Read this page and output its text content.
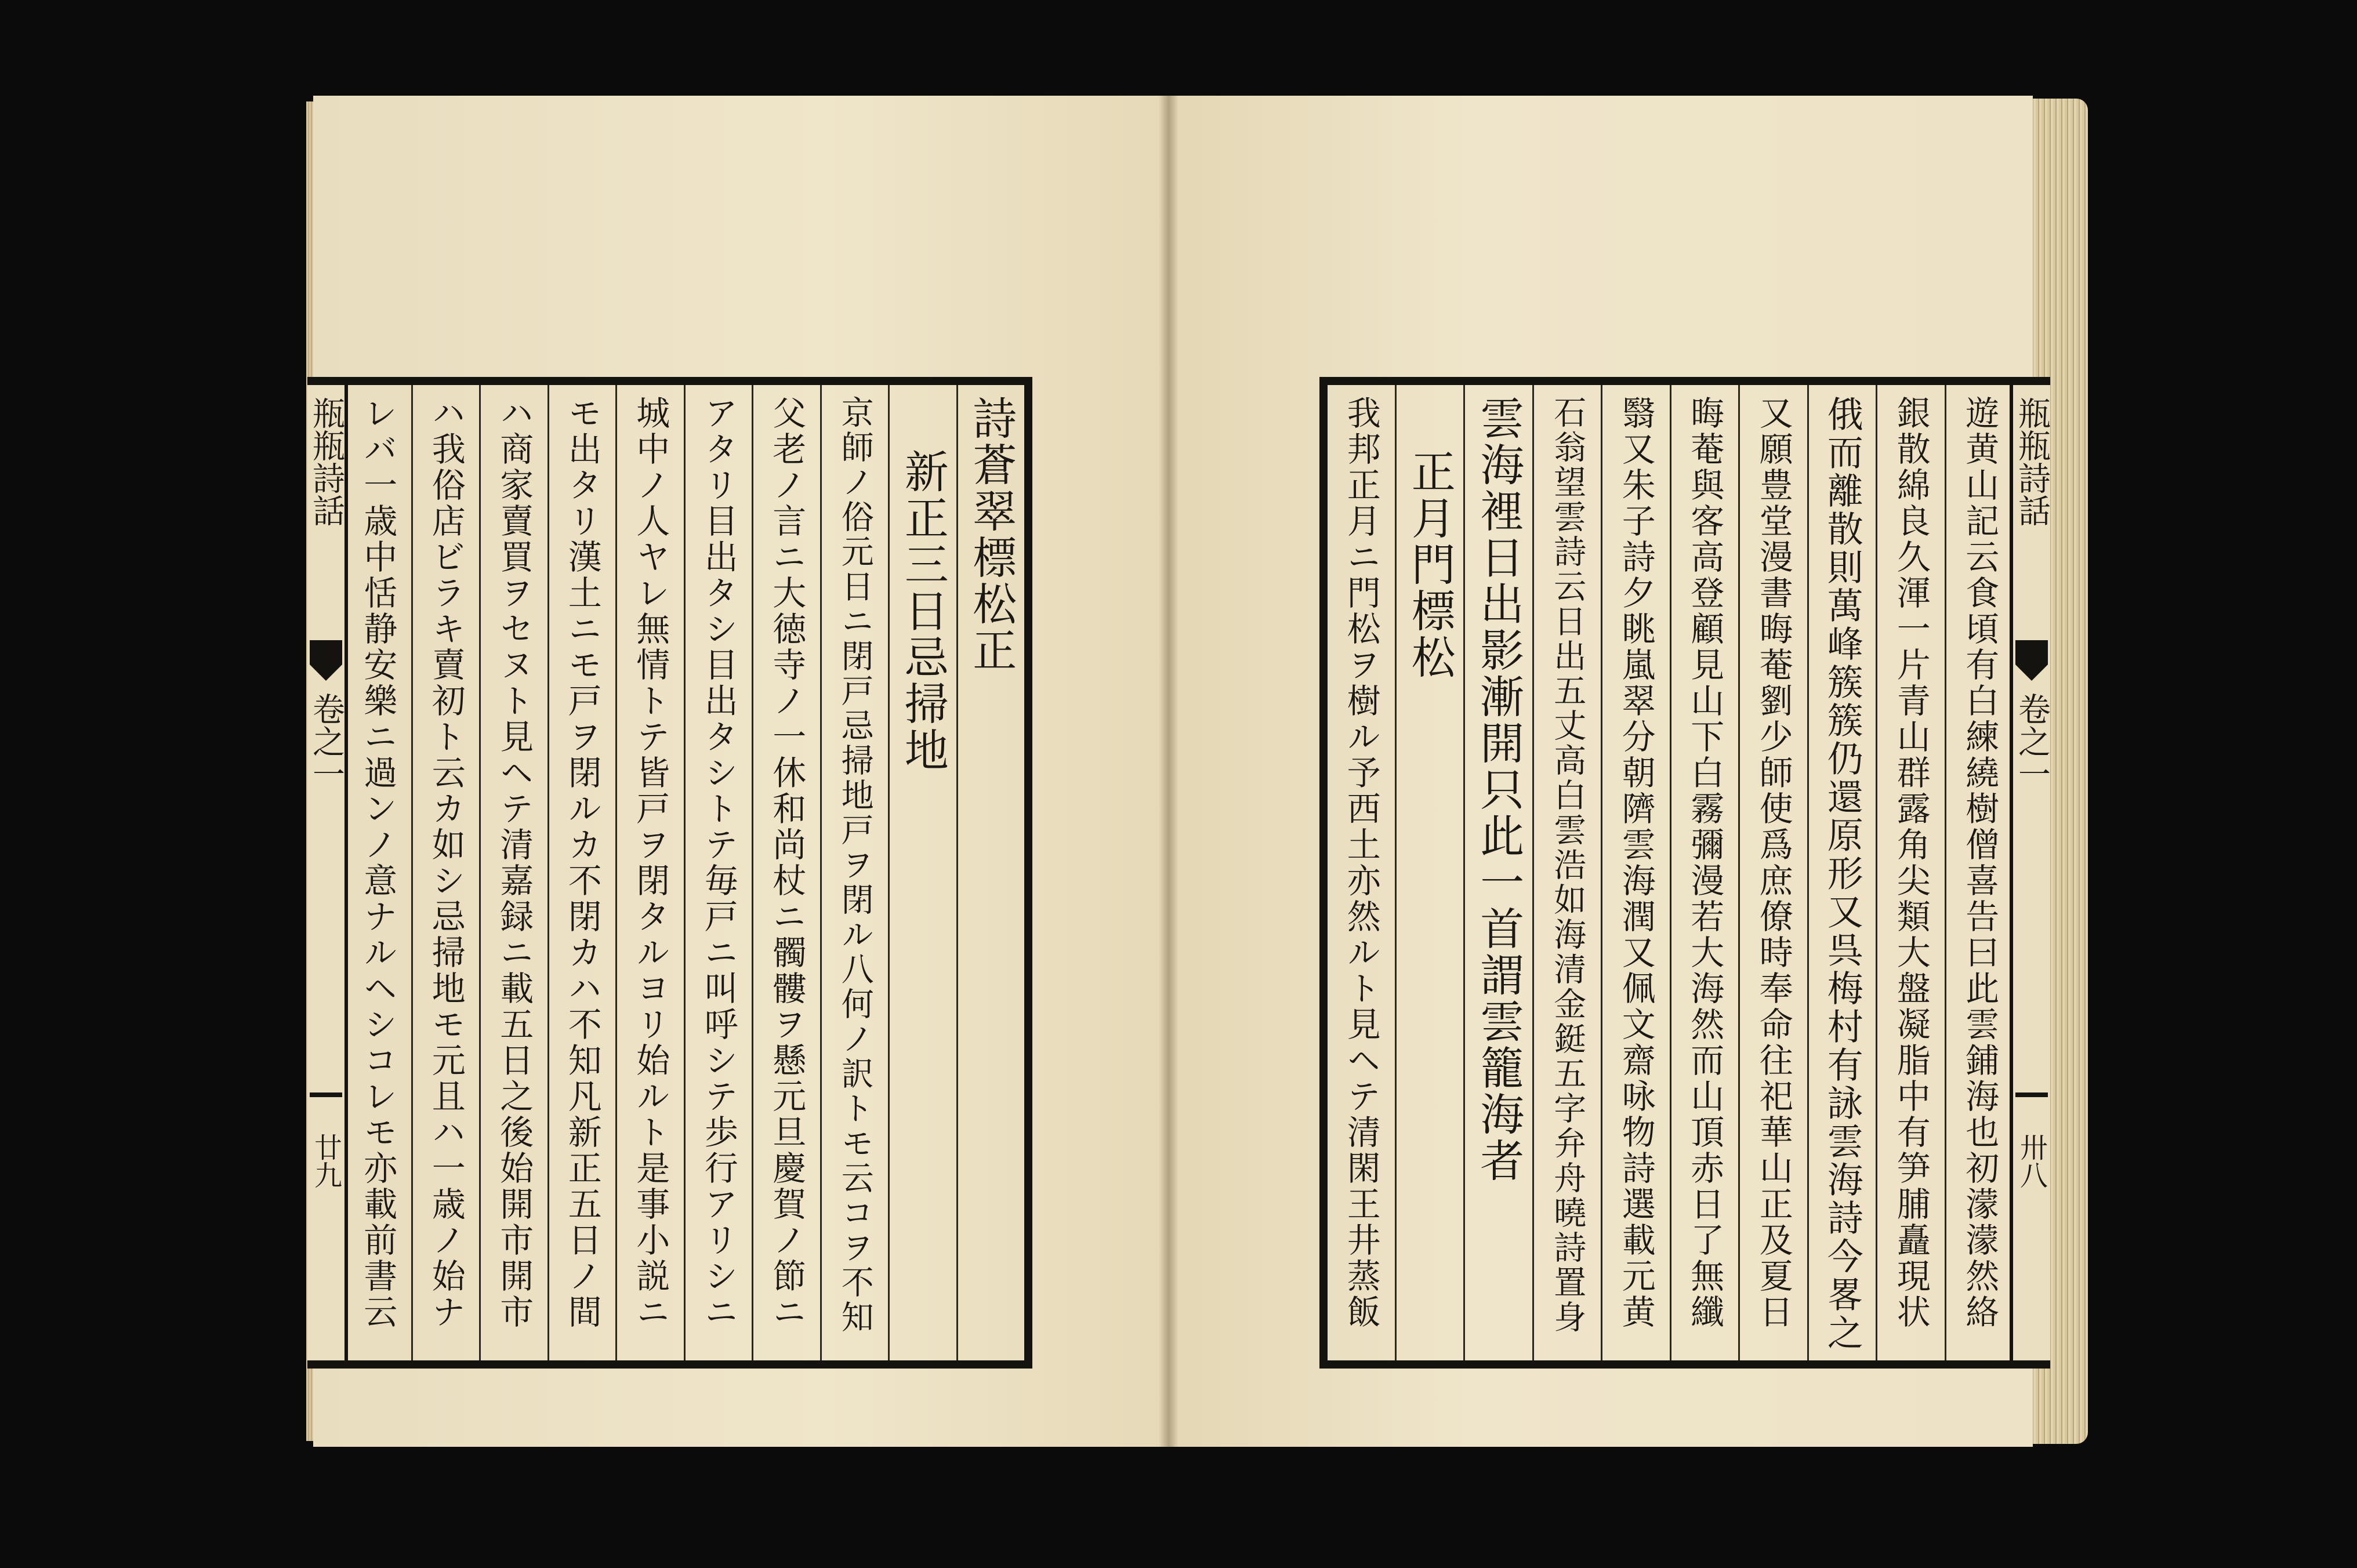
詩蒼翠標松正
新正三日忌掃地
京師ノ俗元日ニ閉戸忌掃地戸ヲ閉ル八何ノ訳トモ云コヲ不知
父老ノ言ニ大徳寺ノ一休和尚杖ニ髑髏ヲ懸元旦慶賀ノ節ニ
アタリ目出タシ目出タシトテ毎戸ニ叫呼シテ歩行アリシニ
城中ノ人ヤレ無情トテ皆戸ヲ閉タルヨリ始ルト是事小説ニ
モ出タリ漢土ニモ戸ヲ閉ルカ不閉カハ不知凡新正五日ノ間
ハ商家賣買ヲセヌト見ヘテ清嘉録ニ載五日之後始開市開市
ハ我俗店ビラキ賣初ト云カ如シ忌掃地モ元且ハ一歳ノ始ナ
レバ一歳中恬静安樂ニ過ンノ意ナルヘシコレモ亦載前書云
瓶瓶詩話
卷之一
廿九	遊黄山記云食頃有白練繞樹僧喜告曰此雲鋪海也初濛濛然絡
銀散綿良久渾一片青山群露角尖類大盤凝脂中有笋脯矗現状
俄而離散則萬峰簇簇仍還原形又呉梅村有詠雲海詩今畧之
又願豊堂漫書晦菴劉少師使爲庶僚時奉命往祀華山正及夏日
晦菴與客高登顧見山下白霧彌漫若大海然而山頂赤日了無纖
翳又朱子詩夕眺嵐翠分朝隮雲海潤又佩文齋咏物詩選載元黄
石翁望雲詩云日出五丈高白雲浩如海清金鋌五字弁舟曉詩置身
雲海裡日出影漸開只此一首謂雲籠海者
正月門標松
我邦正月ニ門松ヲ樹ル予西土亦然ルト見ヘテ清閑王井蒸飯	瓶瓶詩話
卷之一
卅八
